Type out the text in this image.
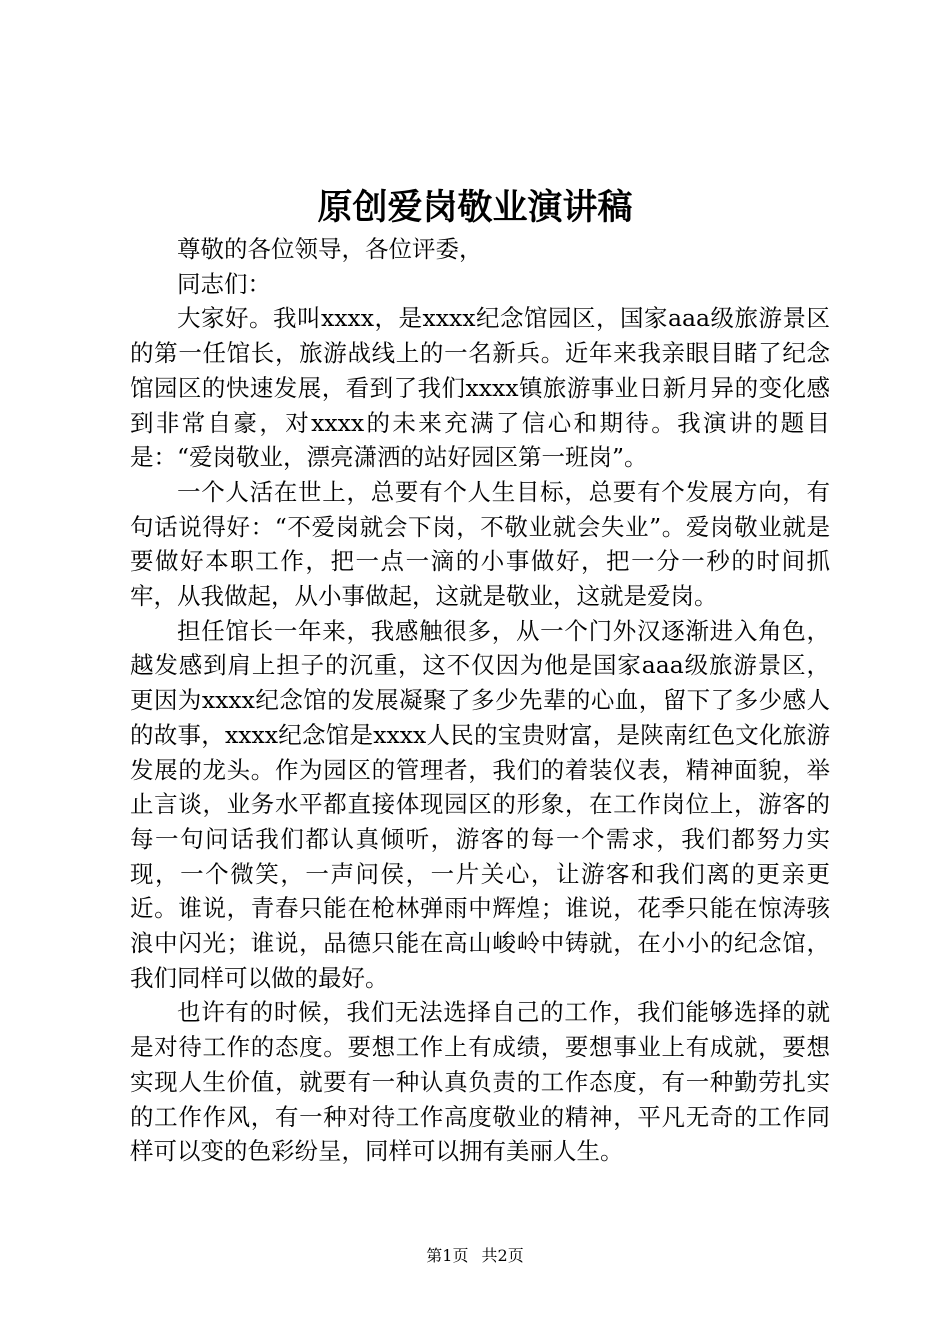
原创爱岗敬业演讲稿

尊敬的各位领导，各位评委，

同志们：

大家好。我叫xxxx，是xxxx纪念馆园区，国家aaa级旅游景区的第一任馆长，旅游战线上的一名新兵。近年来我亲眼目睹了纪念馆园区的快速发展，看到了我们xxxx镇旅游事业日新月异的变化感到非常自豪，对xxxx的未来充满了信心和期待。我演讲的题目是：“爱岗敬业，漂亮潇洒的站好园区第一班岗”。

一个人活在世上，总要有个人生目标，总要有个发展方向，有句话说得好：“不爱岗就会下岗，不敬业就会失业”。爱岗敬业就是要做好本职工作，把一点一滴的小事做好，把一分一秒的时间抓牢，从我做起，从小事做起，这就是敬业，这就是爱岗。

担任馆长一年来，我感触很多，从一个门外汉逐渐进入角色，越发感到肩上担子的沉重，这不仅因为他是国家aaa级旅游景区，更因为xxxx纪念馆的发展凝聚了多少先辈的心血，留下了多少感人的故事，xxxx纪念馆是xxxx人民的宝贵财富，是陕南红色文化旅游发展的龙头。作为园区的管理者，我们的着装仪表，精神面貌，举止言谈，业务水平都直接体现园区的形象，在工作岗位上，游客的每一句问话我们都认真倾听，游客的每一个需求，我们都努力实现，一个微笑，一声问侯，一片关心，让游客和我们离的更亲更近。谁说，青春只能在枪林弹雨中辉煌；谁说，花季只能在惊涛骇浪中闪光；谁说，品德只能在高山峻岭中铸就，在小小的纪念馆，我们同样可以做的最好。

也许有的时候，我们无法选择自己的工作，我们能够选择的就是对待工作的态度。要想工作上有成绩，要想事业上有成就，要想实现人生价值，就要有一种认真负责的工作态度，有一种勤劳扎实的工作作风，有一种对待工作高度敬业的精神，平凡无奇的工作同样可以变的色彩纷呈，同样可以拥有美丽人生。

第1页 共2页
